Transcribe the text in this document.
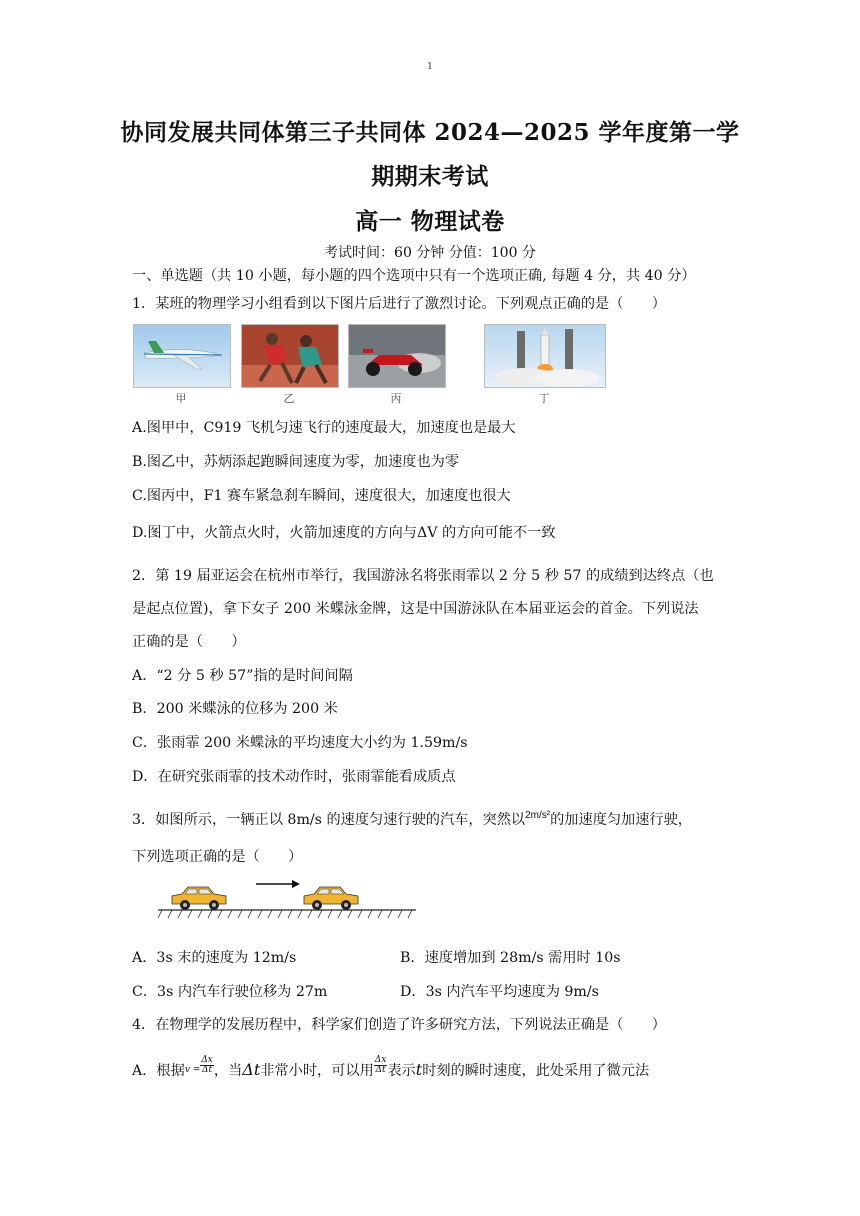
1
协同发展共同体第三子共同体 2024—2025 学年度第一学
期期末考试
高一 物理试卷
考试时间：60 分钟 分值：100 分
一、单选题（共 10 小题，每小题的四个选项中只有一个选项正确, 每题 4 分，共 40 分）
1．某班的物理学习小组看到以下图片后进行了激烈讨论。下列观点正确的是（　　）
甲	乙	丙	丁
A.图甲中，C919 飞机匀速飞行的速度最大，加速度也是最大
B.图乙中，苏炳添起跑瞬间速度为零，加速度也为零
C.图丙中，F1 赛车紧急刹车瞬间，速度很大，加速度也很大
D.图丁中，火箭点火时，火箭加速度的方向与ΔV 的方向可能不一致
2．第 19 届亚运会在杭州市举行，我国游泳名将张雨霏以 2 分 5 秒 57 的成绩到达终点（也
是起点位置)，拿下女子 200 米蝶泳金牌，这是中国游泳队在本届亚运会的首金。下列说法
正确的是（　　）
A．“2 分 5 秒 57”指的是时间间隔
B．200 米蝶泳的位移为 200 米
C．张雨霏 200 米蝶泳的平均速度大小约为 1.59m/s
D．在研究张雨霏的技术动作时，张雨霏能看成质点
3．如图所示，一辆正以 8m/s 的速度匀速行驶的汽车，突然以$^{2m/s^2}$的加速度匀加速行驶，
下列选项正确的是（　　）
A．3s 末的速度为 12m/s	B．速度增加到 28m/s 需用时 10s
C．3s 内汽车行驶位移为 27m	D．3s 内汽车平均速度为 9m/s
4．在物理学的发展历程中，科学家们创造了许多研究方法，下列说法正确是（　　）
A．根据$v = \frac{\Delta x}{\Delta t}$ ，当Δt非常小时，可以用 $\frac{\Delta x}{\Delta t}$ 表示t时刻的瞬时速度，此处采用了微元法
